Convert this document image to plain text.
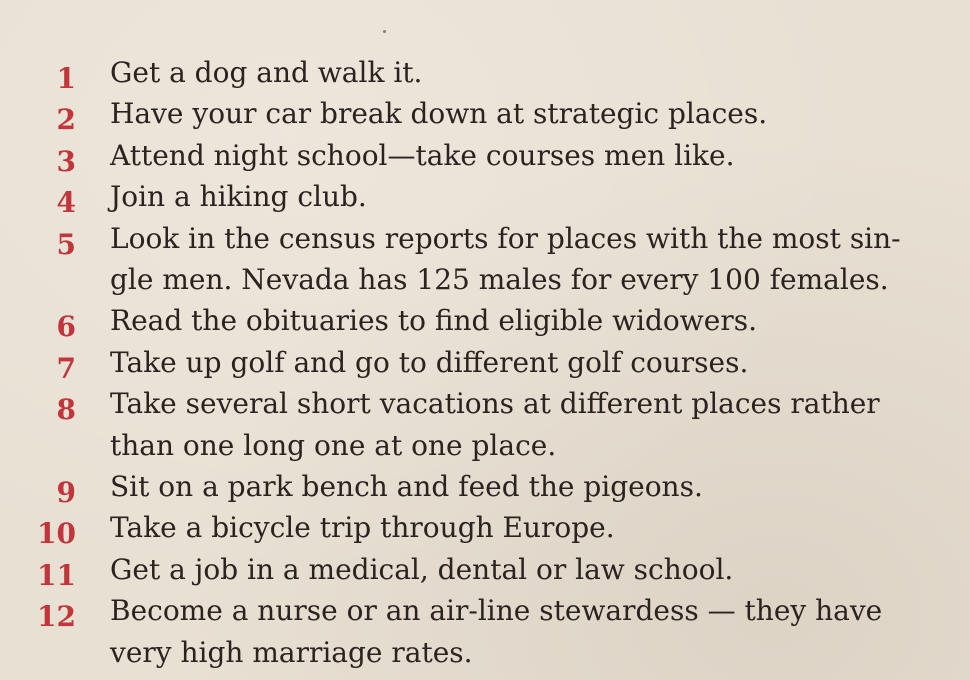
1 Get a dog and walk it.
2 Have your car break down at strategic places.
3 Attend night school—take courses men like.
4 Join a hiking club.
5 Look in the census reports for places with the most sin-
gle men. Nevada has 125 males for every 100 females.
6 Read the obituaries to find eligible widowers.
7 Take up golf and go to different golf courses.
8 Take several short vacations at different places rather
than one long one at one place.
9 Sit on a park bench and feed the pigeons.
10 Take a bicycle trip through Europe.
11 Get a job in a medical, dental or law school.
12 Become a nurse or an air-line stewardess — they have
very high marriage rates.
